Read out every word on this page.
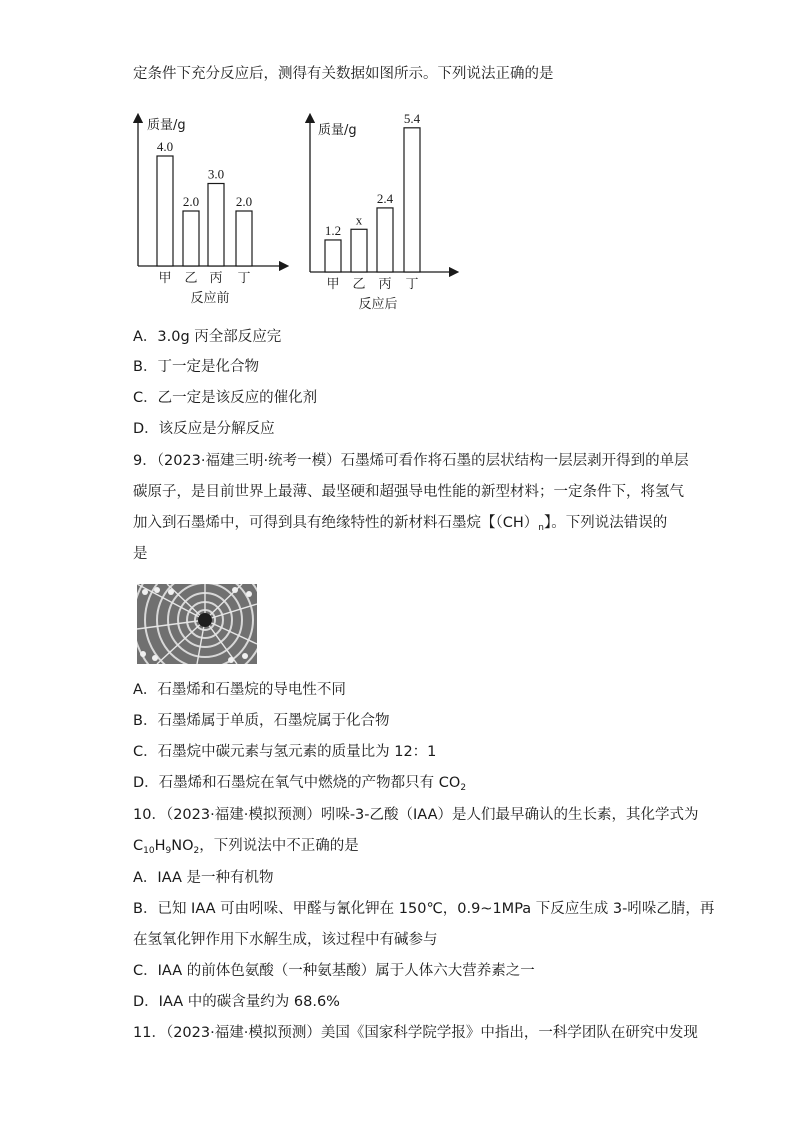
定条件下充分反应后，测得有关数据如图所示。下列说法正确的是
质量/g
反应前
4.0
甲
2.0
乙
3.0
丙
2.0
丁
质量/g
反应后
1.2
甲
x
乙
2.4
丙
5.4
丁
A．3.0g 丙全部反应完
B．丁一定是化合物
C．乙一定是该反应的催化剂
D．该反应是分解反应
9．（2023·福建三明·统考一模）石墨烯可看作将石墨的层状结构一层层剥开得到的单层
碳原子，是目前世界上最薄、最坚硬和超强导电性能的新型材料；一定条件下，将氢气
加入到石墨烯中，可得到具有绝缘特性的新材料石墨烷【$(CH)_n$】。下列说法错误的
是
A．石墨烯和石墨烷的导电性不同
B．石墨烯属于单质，石墨烷属于化合物
C．石墨烷中碳元素与氢元素的质量比为 12：1
D．石墨烯和石墨烷在氧气中燃烧的产物都只有 $CO_2$
10．（2023·福建·模拟预测）吲哚-3-乙酸（IAA）是人们最早确认的生长素，其化学式为
$C_{10}H_9NO_2$，下列说法中不正确的是
A．IAA 是一种有机物
B．已知 IAA 可由吲哚、甲醛与氰化钾在 150℃，0.9~1MPa 下反应生成 3-吲哚乙腈，再
在氢氧化钾作用下水解生成，该过程中有碱参与
C．IAA 的前体色氨酸（一种氨基酸）属于人体六大营养素之一
D．IAA 中的碳含量约为 68.6%
11．（2023·福建·模拟预测）美国《国家科学院学报》中指出，一科学团队在研究中发现
